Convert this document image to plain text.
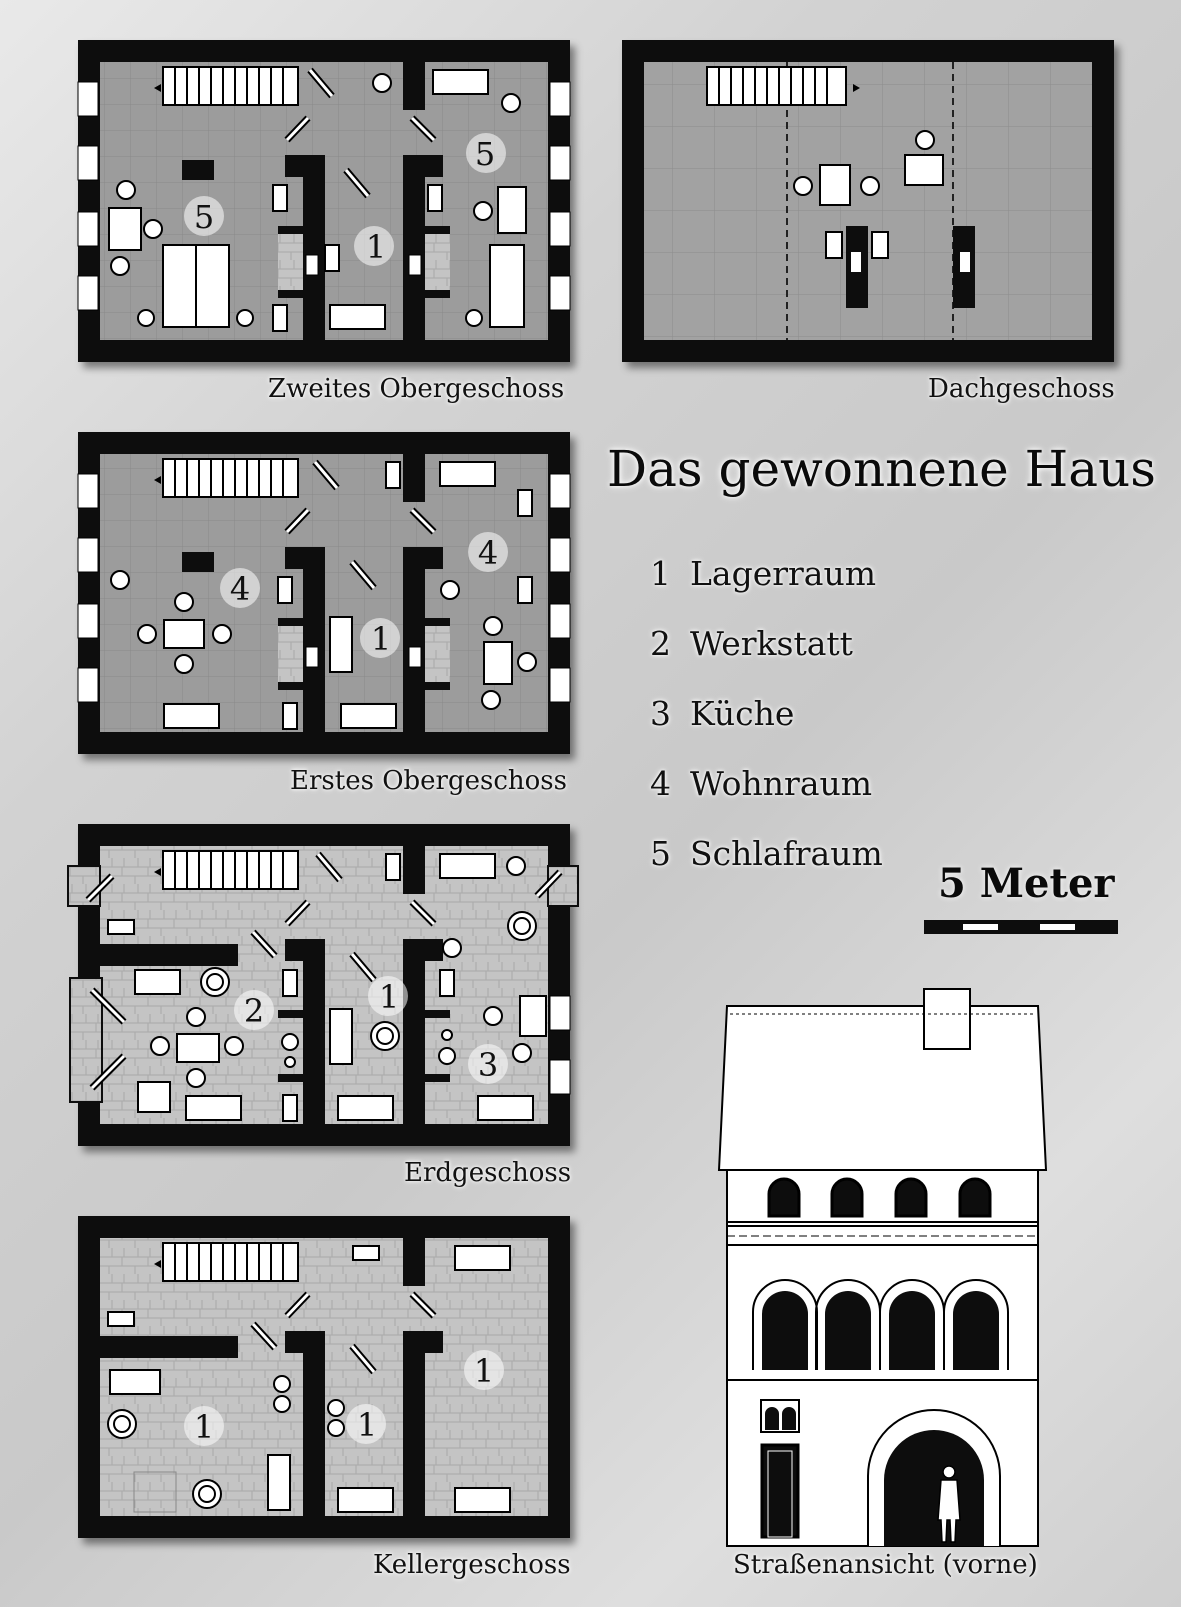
5
1
5
4
1
4
2	1
3
1	1
1
Zweites Obergeschoss	Dachgeschoss
Erstes Obergeschoss
Erdgeschoss
Kellergeschoss	Straßenansicht (vorne)
Das gewonnene Haus
1 Lagerraum
2 Werkstatt
3 Küche
4 Wohnraum
5 Schlafraum
5 Meter
